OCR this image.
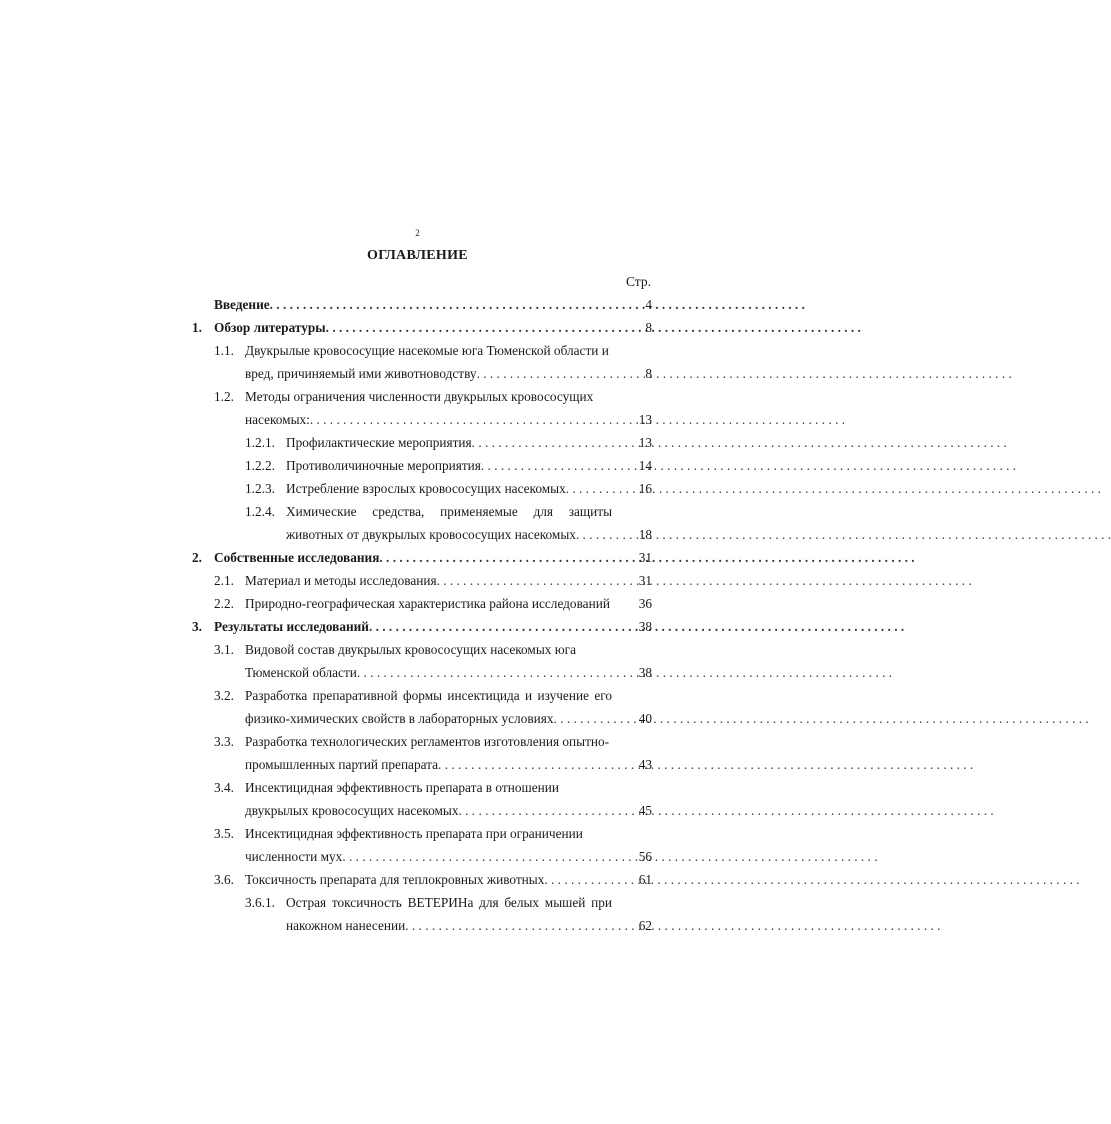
2
ОГЛАВЛЕНИЕ
Стр.
Введение . . .	4
1. Обзор литературы . . .	8
1.1. Двукрылые кровососущие насекомые юга Тюменской области и
вред, причиняемый ими животноводству . . .	8
1.2. Методы ограничения численности двукрылых кровососущих
насекомых: . . .	13
1.2.1. Профилактические мероприятия . . .	13
1.2.2. Противоличиночные мероприятия . . .	14
1.2.3. Истребление взрослых кровососущих насекомых . . .	16
1.2.4. Химические средства, применяемые для защиты
животных от двукрылых кровососущих насекомых . . .	18
2. Собственные исследования . . .	31
2.1. Материал и методы исследования . . .	31
2.2. Природно-географическая характеристика района исследований	36
3. Результаты исследований . . .	38
3.1. Видовой состав двукрылых кровососущих насекомых юга
Тюменской области . . .	38
3.2. Разработка препаративной формы инсектицида и изучение его
физико-химических свойств в лабораторных условиях . . .	40
3.3. Разработка технологических регламентов изготовления опытно-
промышленных партий препарата . . .	43
3.4. Инсектицидная эффективность препарата в отношении
двукрылых кровососущих насекомых . . .	45
3.5. Инсектицидная эффективность препарата при ограничении
численности мух . . .	56
3.6. Токсичность препарата для теплокровных животных . . .	61
3.6.1. Острая токсичность ВЕТЕРИНа для белых мышей при
накожном нанесении . . .	62
